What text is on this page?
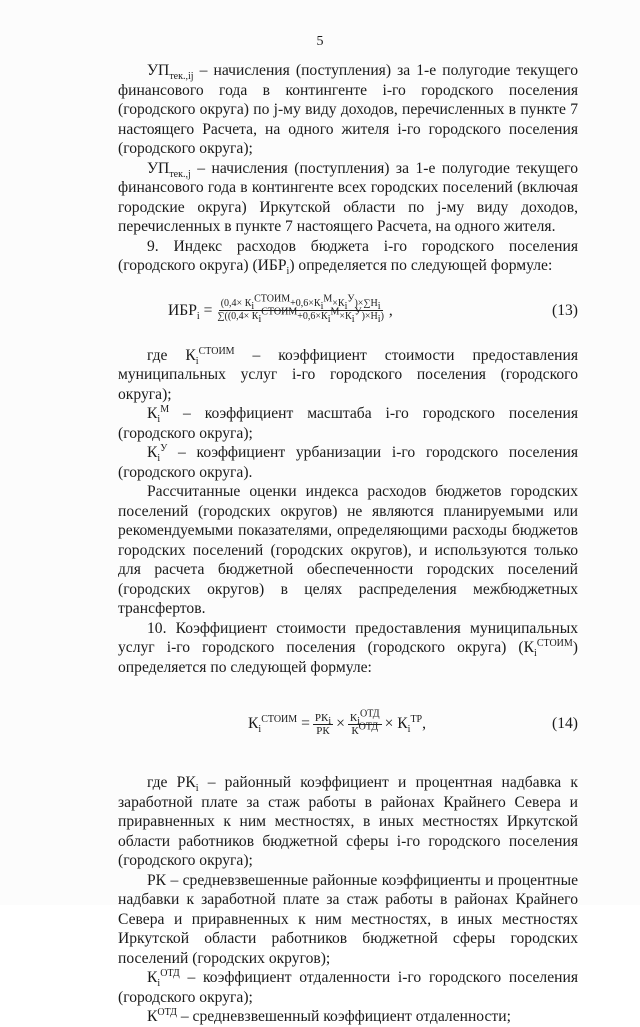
5

$УП_{тек.,ij}$ – начисления (поступления) за 1-е полугодие текущего финансового года в контингенте i-го городского поселения (городского округа) по j-му виду доходов, перечисленных в пункте 7 настоящего Расчета, на одного жителя i-го городского поселения (городского округа);

$УП_{тек.,j}$ – начисления (поступления) за 1-е полугодие текущего финансового года в контингенте всех городских поселений (включая городские округа) Иркутской области по j-му виду доходов, перечисленных в пункте 7 настоящего Расчета, на одного жителя.

9. Индекс расходов бюджета i-го городского поселения (городского округа) $(ИБР_i)$ определяется по следующей формуле:

$ИБР_i = \frac{(0,4\times К_i^{СТОИМ}+0,6\times К_i^М\times К_i^У)\times\sum Н_i}{\sum((0,4\times К_i^{СТОИМ}+0,6\times К_i^М\times К_i^У)\times Н_i)}$ ,	(13)

где $К_i^{СТОИМ}$ – коэффициент стоимости предоставления муниципальных услуг i-го городского поселения (городского округа);

$К_i^М$ – коэффициент масштаба i-го городского поселения (городского округа);

$К_i^У$ – коэффициент урбанизации i-го городского поселения (городского округа).

Рассчитанные оценки индекса расходов бюджетов городских поселений (городских округов) не являются планируемыми или рекомендуемыми показателями, определяющими расходы бюджетов городских поселений (городских округов), и используются только для расчета бюджетной обеспеченности городских поселений (городских округов) в целях распределения межбюджетных трансфертов.

10. Коэффициент стоимости предоставления муниципальных услуг i-го городского поселения (городского округа) $(К_i^{СТОИМ})$ определяется по следующей формуле:

$К_i^{СТОИМ} = \frac{РК_i}{РК} \times \frac{К_i^{ОТД}}{К^{ОТД}} \times К_i^{ТР}$,	(14)

где $РК_i$ – районный коэффициент и процентная надбавка к заработной плате за стаж работы в районах Крайнего Севера и приравненных к ним местностях, в иных местностях Иркутской области работников бюджетной сферы i-го городского поселения (городского округа);

РК – средневзвешенные районные коэффициенты и процентные надбавки к заработной плате за стаж работы в районах Крайнего Севера и приравненных к ним местностях, в иных местностях Иркутской области работников бюджетной сферы городских поселений (городских округов);

$К_i^{ОТД}$ – коэффициент отдаленности i-го городского поселения (городского округа);

$К^{ОТД}$ – средневзвешенный коэффициент отдаленности;
